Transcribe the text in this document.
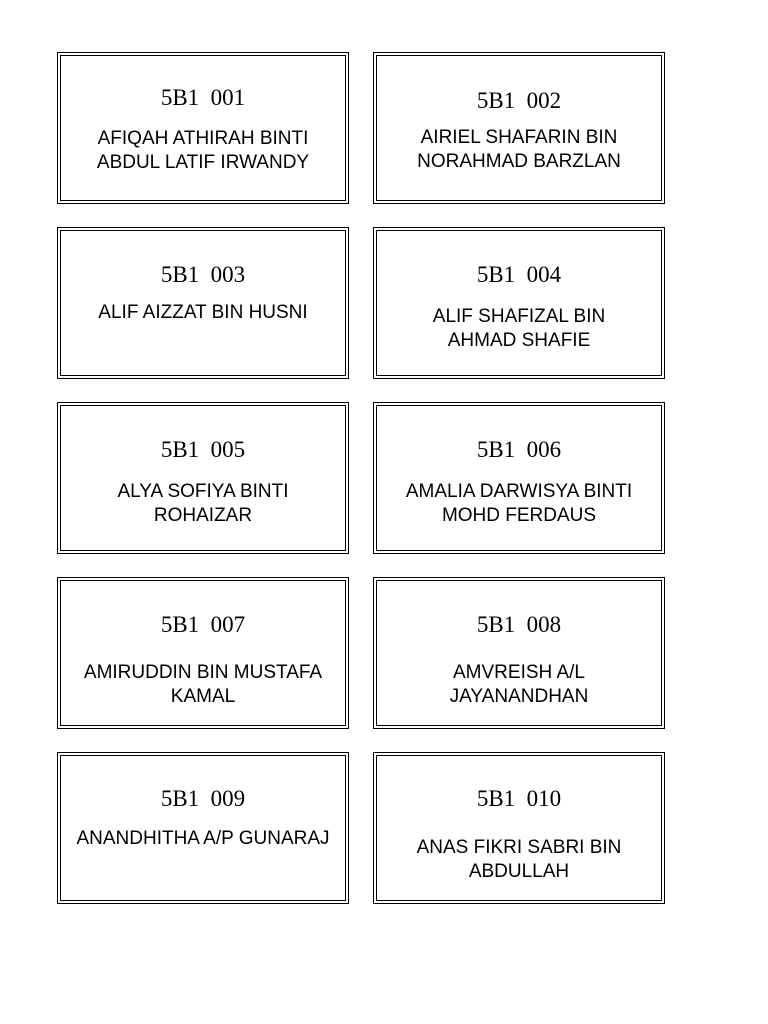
5B1  001
AFIQAH ATHIRAH BINTI
ABDUL LATIF IRWANDY
5B1  002
AIRIEL SHAFARIN BIN
NORAHMAD BARZLAN
5B1  003
ALIF AIZZAT BIN HUSNI
5B1  004
ALIF SHAFIZAL BIN
AHMAD SHAFIE
5B1  005
ALYA SOFIYA BINTI
ROHAIZAR
5B1  006
AMALIA DARWISYA BINTI
MOHD FERDAUS
5B1  007
AMIRUDDIN BIN MUSTAFA
KAMAL
5B1  008
AMVREISH A/L
JAYANANDHAN
5B1  009
ANANDHITHA A/P GUNARAJ
5B1  010
ANAS FIKRI SABRI BIN
ABDULLAH
